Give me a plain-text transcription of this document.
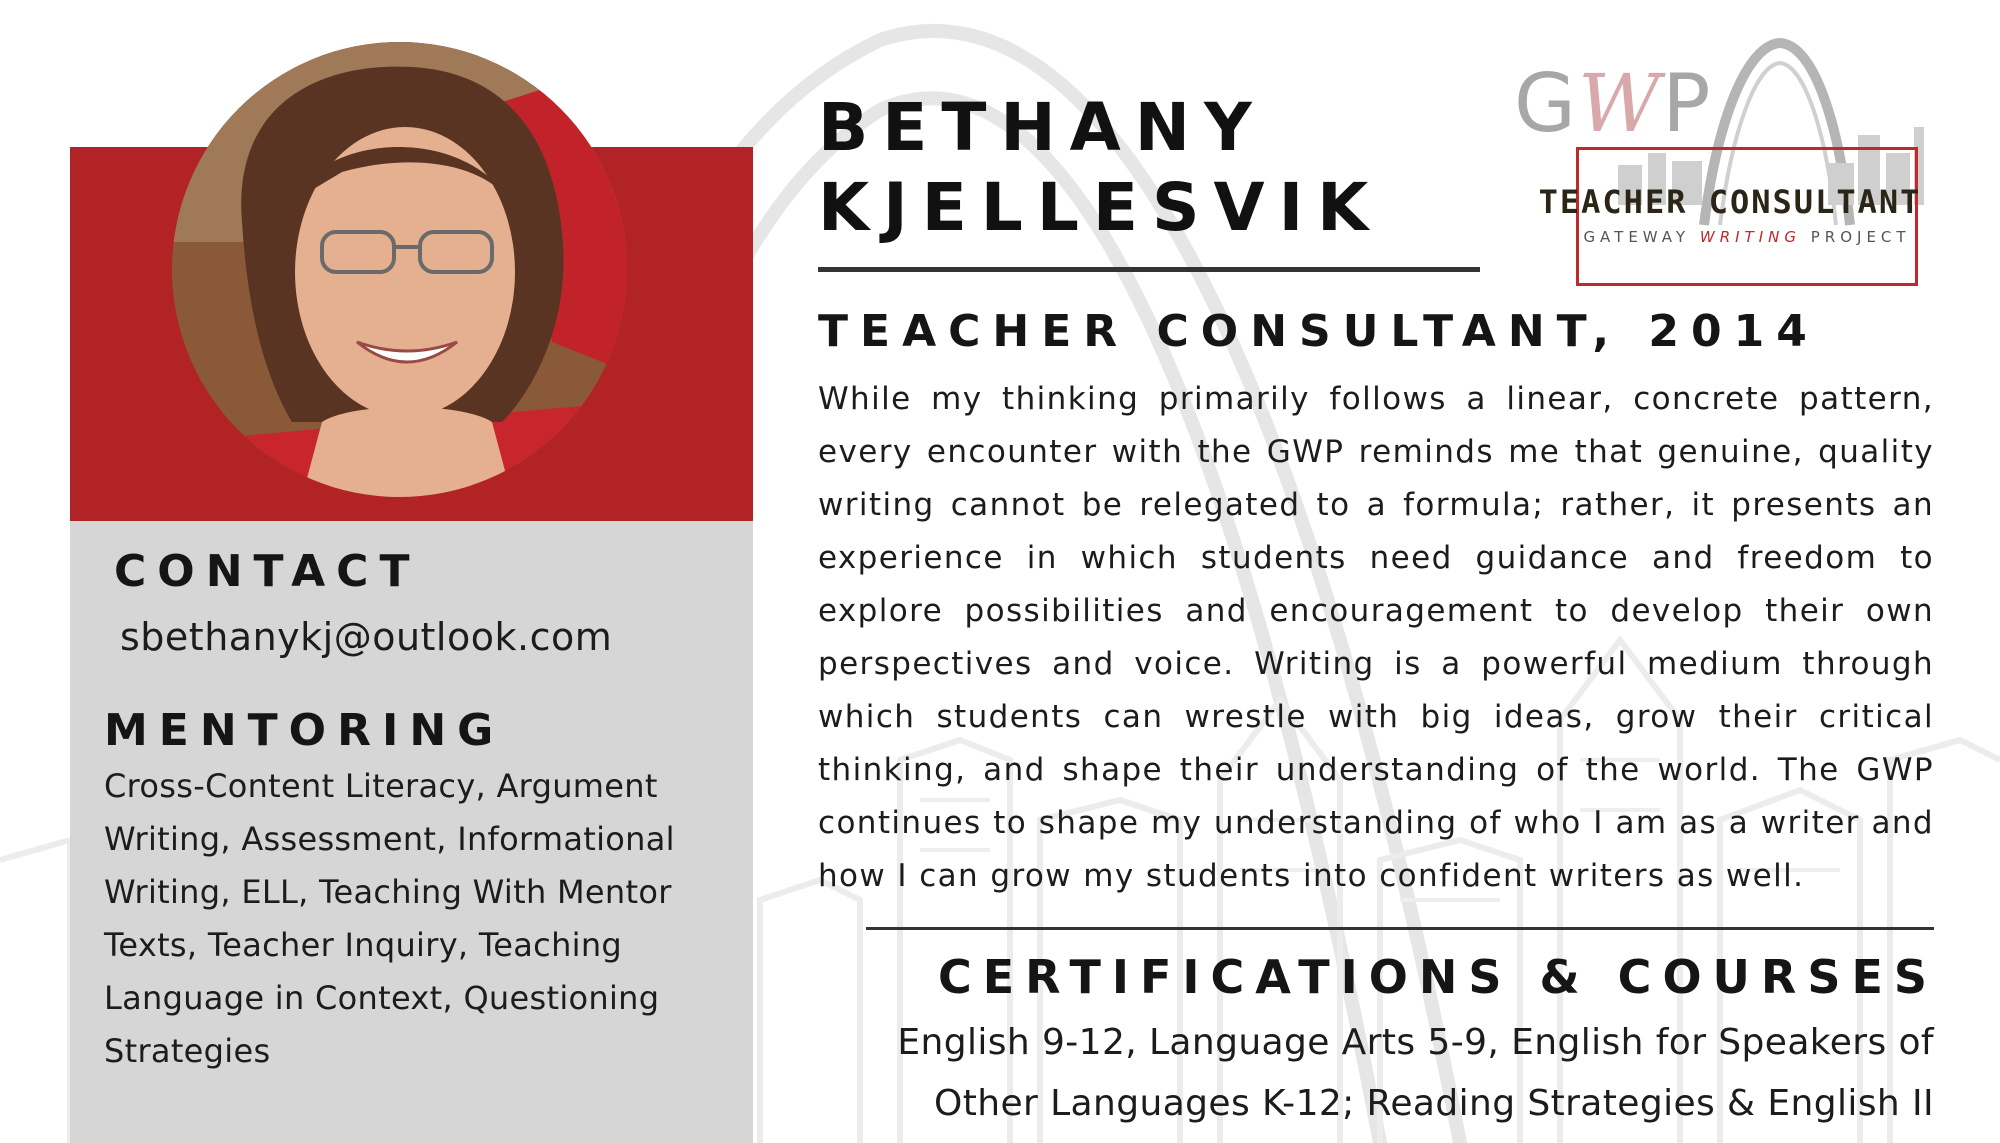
CONTACT
sbethanykj@outlook.com
MENTORING
Cross-Content Literacy, Argument Writing, Assessment, Informational Writing, ELL, Teaching With Mentor Texts, Teacher Inquiry, Teaching Language in Context, Questioning Strategies
BETHANY
KJELLESVIK
GWP
TEACHER CONSULTANT
GATEWAY WRITING PROJECT
TEACHER CONSULTANT, 2014

While my thinking primarily follows a linear, concrete pattern, every encounter with the GWP reminds me that genuine, quality writing cannot be relegated to a formula; rather, it presents an experience in which students need guidance and freedom to explore possibilities and encouragement to develop their own perspectives and voice. Writing is a powerful medium through which students can wrestle with big ideas, grow their critical thinking, and shape their understanding of the world. The GWP continues to shape my understanding of who I am as a writer and how I can grow my students into confident writers as well.

CERTIFICATIONS & COURSES
English 9-12, Language Arts 5-9, English for Speakers of Other Languages K-12; Reading Strategies & English II
